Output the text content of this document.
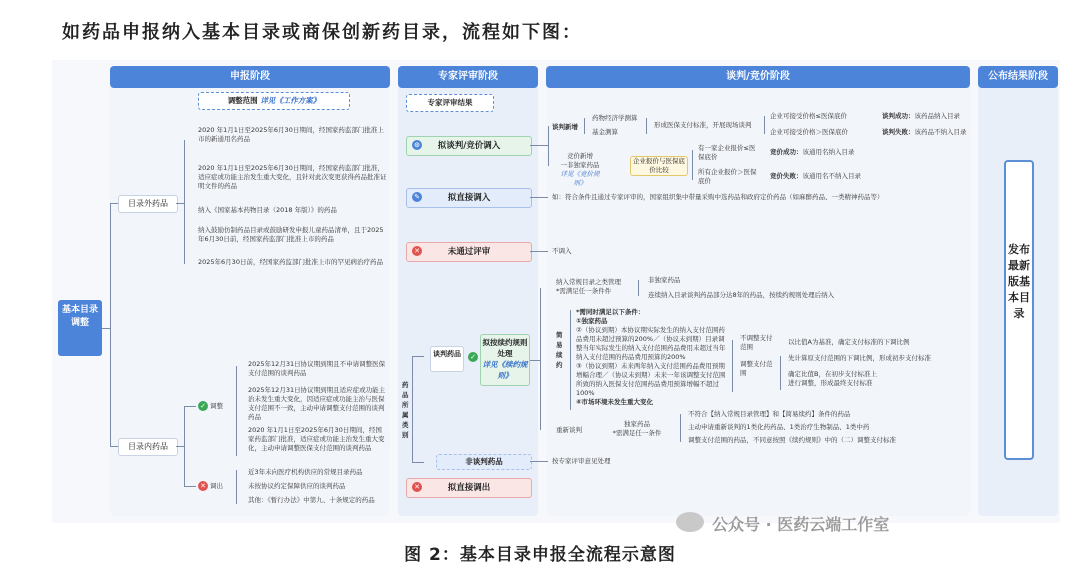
如药品申报纳入基本目录或商保创新药目录，流程如下图：
申报阶段	专家评审阶段	谈判/竞价阶段	公布结果阶段
调整范围 详见《工作方案》
基本目录调整
目录外药品
目录内药品
2020 年1月1日至2025年6月30日期间，经国家药监部门批准上市的新通用名药品
2020 年1月1日至2025年6月30日期间，经国家药监部门批准，适应症或功能主治发生重大变化，且针对此次变更获得药品批准证明文件的药品
纳入《国家基本药物目录（2018 年版）》的药品
纳入鼓励仿制药品目录或鼓励研发申报儿童药品清单，且于2025年6月30日前，经国家药监部门批准上市的药品
2025年6月30日前，经国家药监部门批准上市的罕见病治疗药品
✓ 调整
✕ 调出
2025年12月31日协议期到期且不申请调整医保支付范围的谈判药品
2025年12月31日协议期到期且适应症或功能主治未发生重大变化，因适应症或功能主治与医保支付范围不一致，主动申请调整支付范围的谈判药品
2020 年1月1日至2025年6月30日期间，经国家药监部门批准，适应症或功能主治发生重大变化，主动申请调整医保支付范围的谈判药品
近3年未向医疗机构供应的常规目录药品
未按协议约定保障供应的谈判药品
其他：《暂行办法》中第九、十条规定的药品
专家评审结果
拟谈判/竞价调入
⊙
拟直接调入
✎
未通过评审
✕
药品所属类别
谈判药品	✓
拟按续约规则处理
详见《续约规则》
非谈判药品
拟直接调出
✕
谈判新增
药物经济学测算
基金测算
形成医保支付标准，开展现场谈判
企业可接受价格≤医保底价
企业可接受价格＞医保底价
谈判成功：该药品纳入目录
谈判失败：该药品不纳入目录
竞价新增
一非独家药品
详见《竞价规则》
企业报价与医保底价比较
有一家企业报价≤医保底价
所有企业报价＞医保底价
竞价成功：该通用名纳入目录
竞价失败：该通用名不纳入目录
如：符合条件且通过专家评审的，国家组织集中带量采购中选药品和政府定价药品（如麻醉药品、一类精神药品等）
不调入
纳入常规目录之类管理
*需满足任一条件件
非独家药品
连续纳入目录谈判药品部分达8年的药品，按续约规则处理后纳入
简易续约
*需同时满足以下条件：
①独家药品
②（协议到期）本协议期实际发生的纳入支付范围药品费用未超过预算的200%／（协议未到期）目录调整当年实际发生的纳入支付范围药品费用未超过当年纳入支付范围的药品费用预算的200%
③（协议到期）未来两年纳入支付范围药品费用预期增幅合理／（协议未到期）未来一年该调整支付范围所致的纳入医保支付范围药品费用预算增幅不超过100%
④市场环境未发生重大变化
不调整支付范围
以比值A为基准，确定支付标准的下调比例
调整支付范围
先计算原支付范围的下调比例，形成初步支付标准
确定比值B，在初步支付标准上进行调整，形成最终支付标准
重新谈判
独家药品
*需满足任一条件
不符合【纳入常规目录管理】和【简易续约】条件的药品
主动申请重新谈判的1类化药药品、1类治疗生物制品、1类中药
调整支付范围的药品，不同意按照《续约规则》中的（二）调整支付标准
按专家评审意见处理
发布最新版基本目录
公众号 · 医药云端工作室
图 2：基本目录申报全流程示意图
